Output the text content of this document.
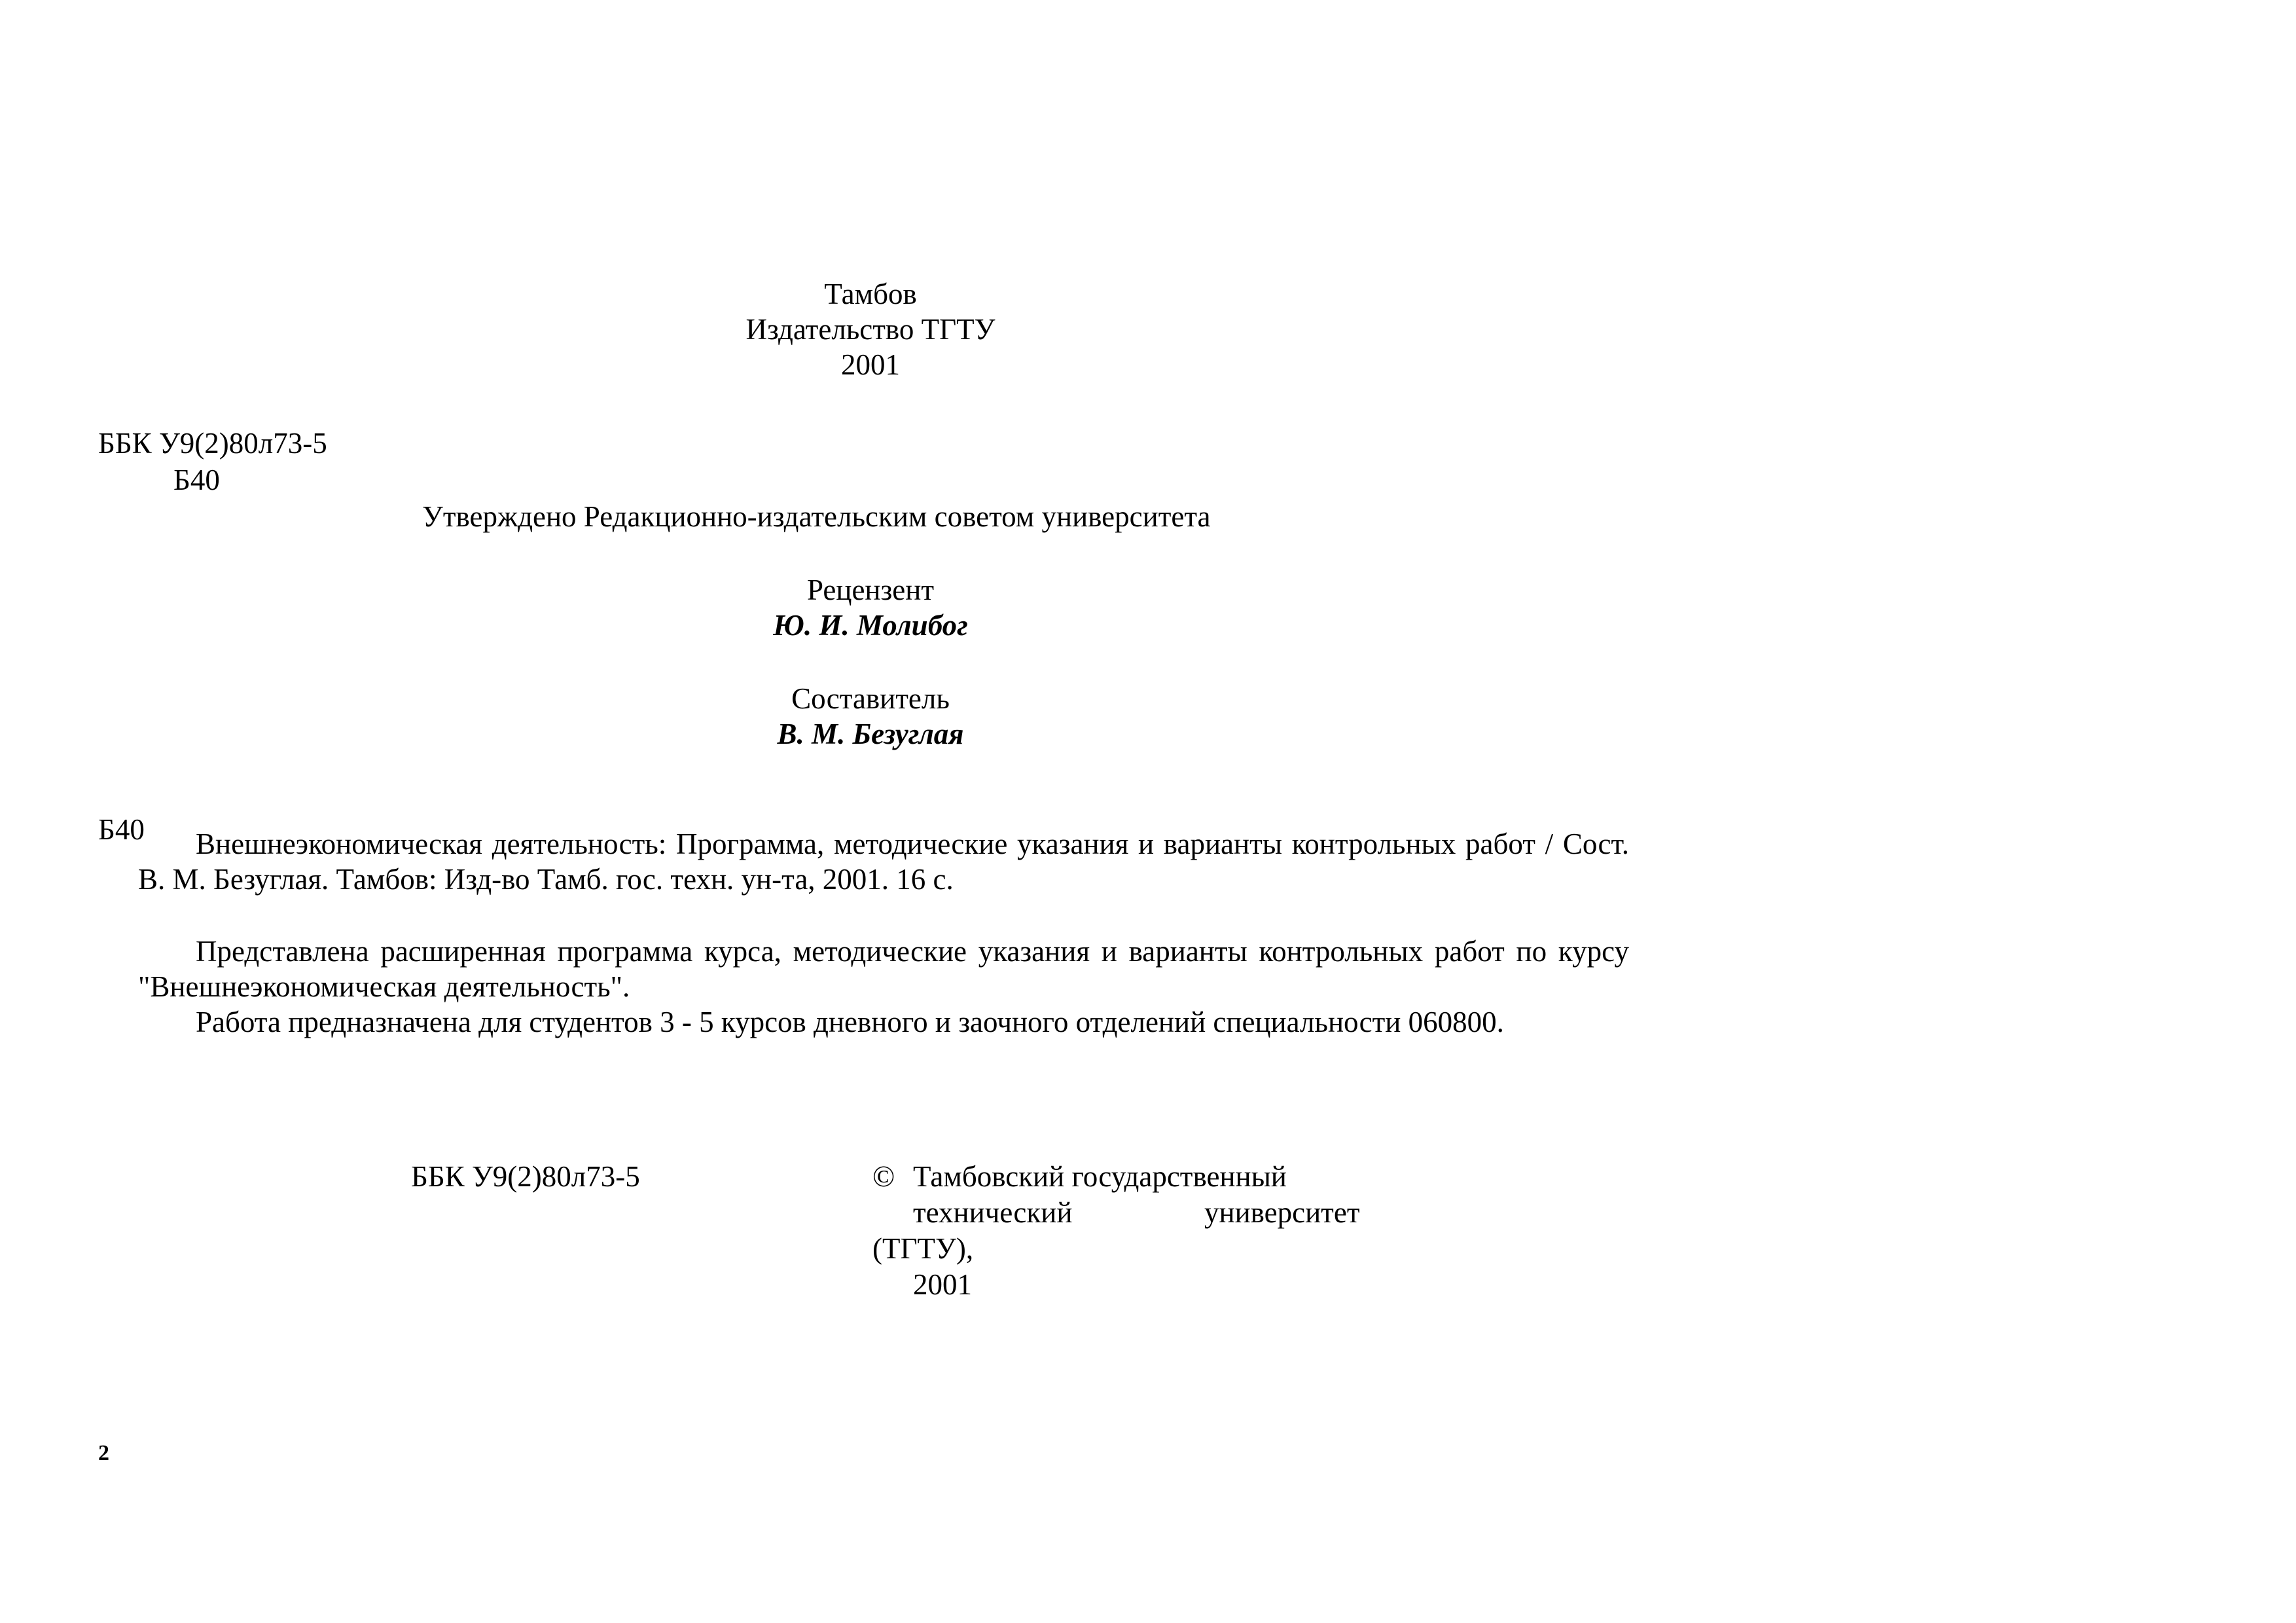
Тамбов
Издательство ТГТУ
2001
ББК У9(2)80л73-5
Б40
Утверждено Редакционно-издательским советом университета
Рецензент
Ю. И. Молибог
Составитель
В. М. Безуглая
Б40	Внешнеэкономическая деятельность: Программа, методические указания и варианты контрольных работ / Сост. В. М. Безуглая. Тамбов: Изд-во Тамб. гос. техн. ун-та, 2001. 16 с.
Представлена расширенная программа курса, методические указания и варианты контрольных работ по курсу "Внешнеэкономическая деятельность".
Работа предназначена для студентов 3 - 5 курсов дневного и заочного отделений специальности 060800.
ББК У9(2)80л73-5	© Тамбовский государственный
технический	университет
(ТГТУ),
2001
2
